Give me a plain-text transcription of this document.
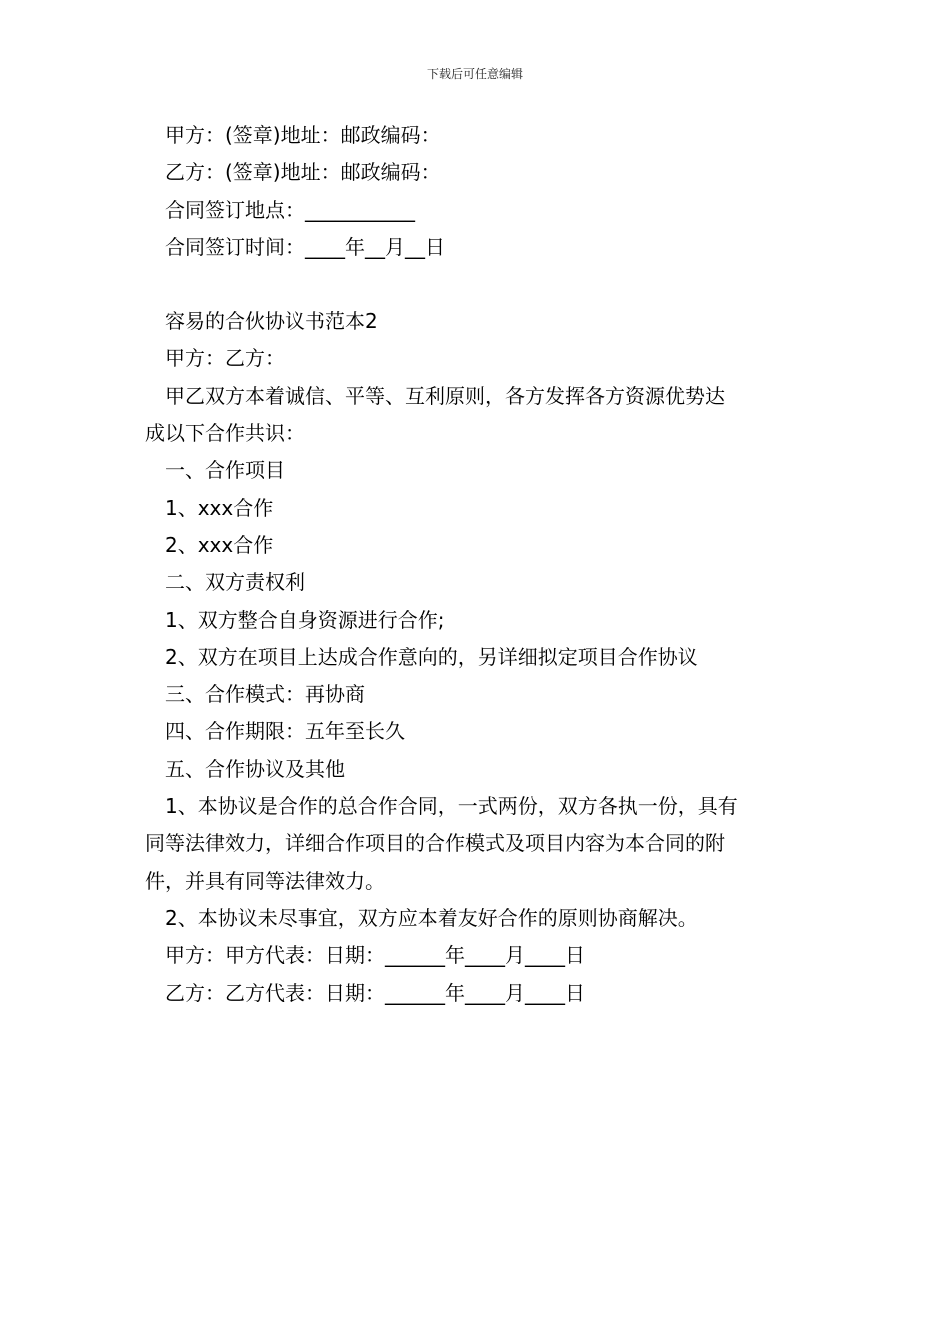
下载后可任意编辑
甲方：(签章)地址：邮政编码：
乙方：(签章)地址：邮政编码：
合同签订地点：___________
合同签订时间：____年__月__日
容易的合伙协议书范本2
甲方：乙方：
甲乙双方本着诚信、平等、互利原则，各方发挥各方资源优势达
成以下合作共识：
一、合作项目
1、xxx合作
2、xxx合作
二、双方责权利
1、双方整合自身资源进行合作;
2、双方在项目上达成合作意向的，另详细拟定项目合作协议
三、合作模式：再协商
四、合作期限：五年至长久
五、合作协议及其他
1、本协议是合作的总合作合同，一式两份，双方各执一份，具有
同等法律效力，详细合作项目的合作模式及项目内容为本合同的附
件，并具有同等法律效力。
2、本协议未尽事宜，双方应本着友好合作的原则协商解决。
甲方：甲方代表：日期：______年____月____日
乙方：乙方代表：日期：______年____月____日
